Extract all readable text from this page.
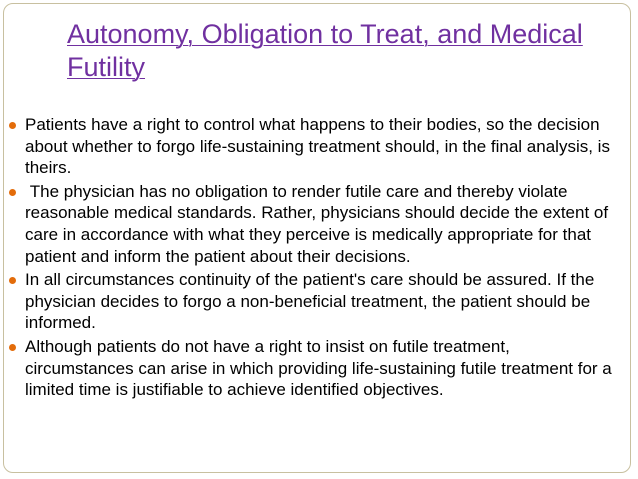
Autonomy, Obligation to Treat, and Medical Futility
Patients have a right to control what happens to their bodies, so the decision about whether to forgo life-sustaining treatment should, in the final analysis, is theirs.
The physician has no obligation to render futile care and thereby violate reasonable medical standards. Rather, physicians should decide the extent of care in accordance with what they perceive is medically appropriate for that patient and inform the patient about their decisions.
In all circumstances continuity of the patient's care should be assured. If the physician decides to forgo a non-beneficial treatment, the patient should be informed.
Although patients do not have a right to insist on futile treatment, circumstances can arise in which providing life-sustaining futile treatment for a limited time is justifiable to achieve identified objectives.
